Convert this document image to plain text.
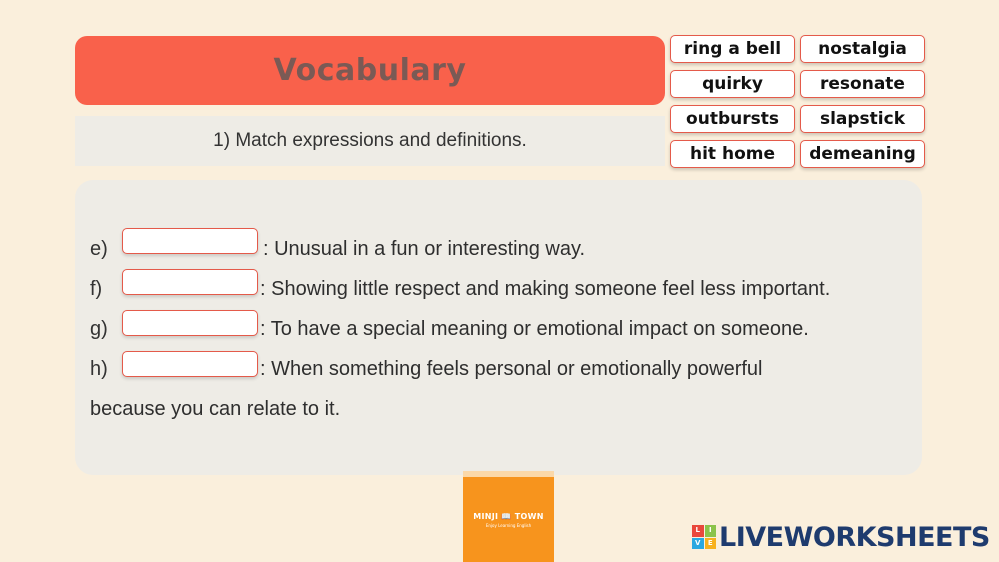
Vocabulary
1) Match expressions and definitions.
ring a bell	nostalgia
quirky	resonate
outbursts	slapstick
hit home	demeaning
e)	: Unusual in a fun or interesting way.
f)	: Showing little respect and making someone feel less important.
g)	: To have a special meaning or emotional impact on someone.
h)	: When something feels personal or emotionally powerful
because you can relate to it.
MINJI 📖 TOWN
Enjoy Learning English
L	I
V	E LIVEWORKSHEETS
